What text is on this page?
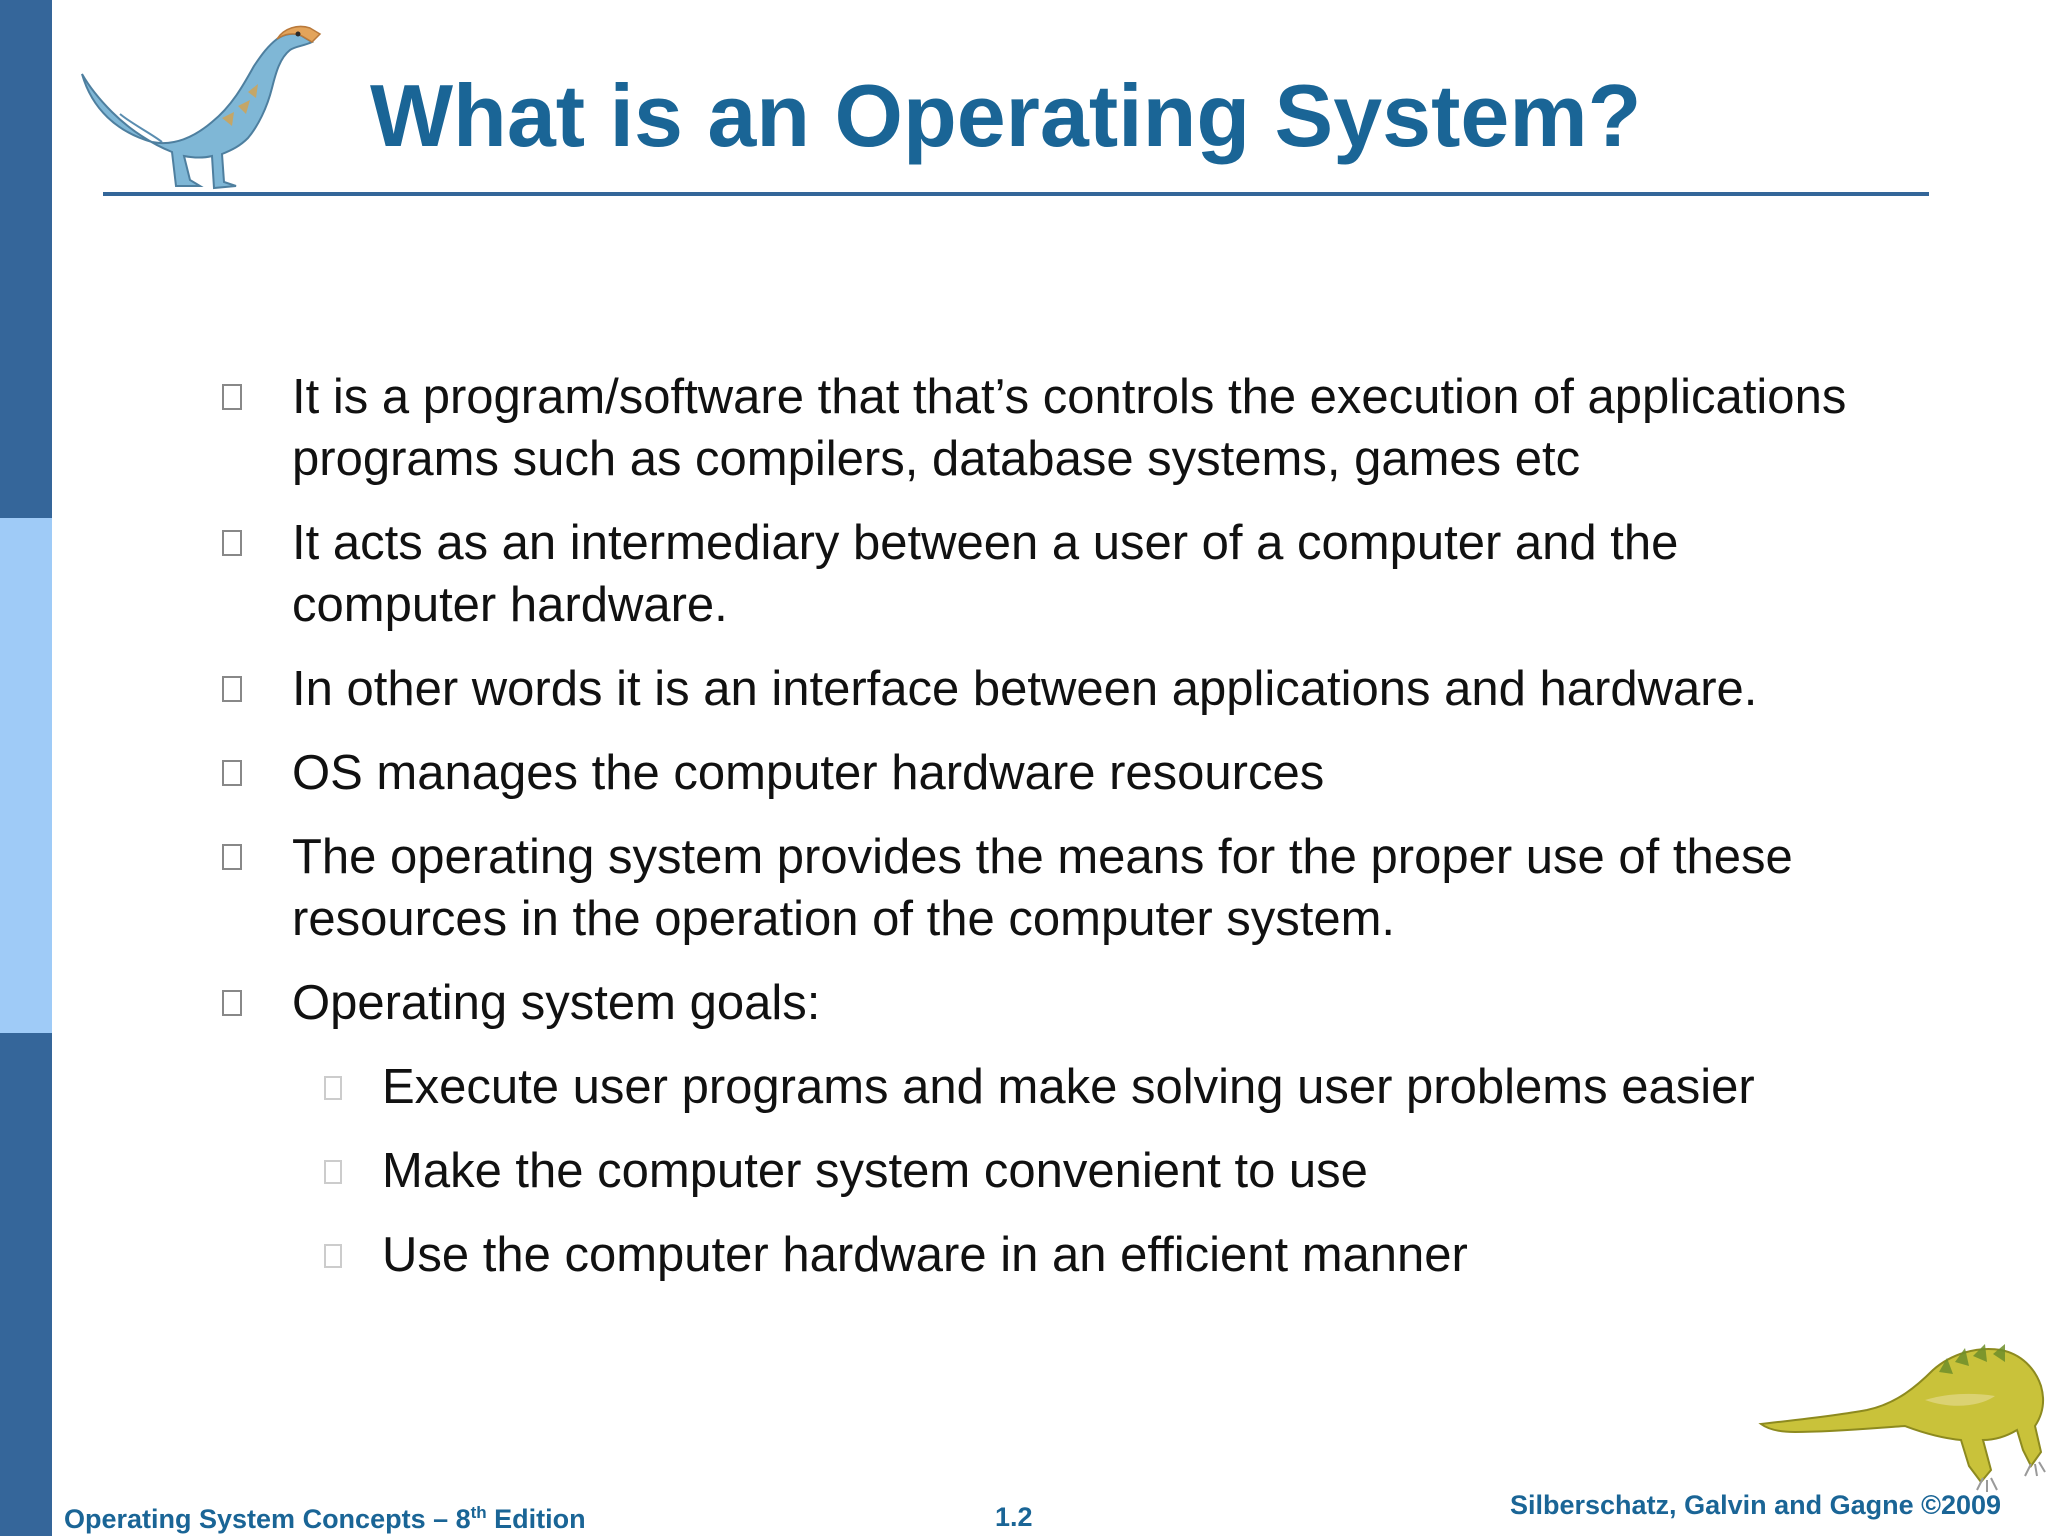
What is an Operating System?
It is a program/software that that’s controls the execution of applications
programs such as compilers, database systems, games etc
It acts as an intermediary between a user of a computer and the
computer hardware.
In other words it is an interface between applications and hardware.
OS manages the computer hardware resources
The operating system provides the means for the proper use of these
resources in the operation of the computer system.
Operating system goals:
Execute user programs and make solving user problems easier
Make the computer system convenient to use
Use the computer hardware in an efficient manner
Operating System Concepts – 8th Edition	1.2	Silberschatz, Galvin and Gagne ©2009
